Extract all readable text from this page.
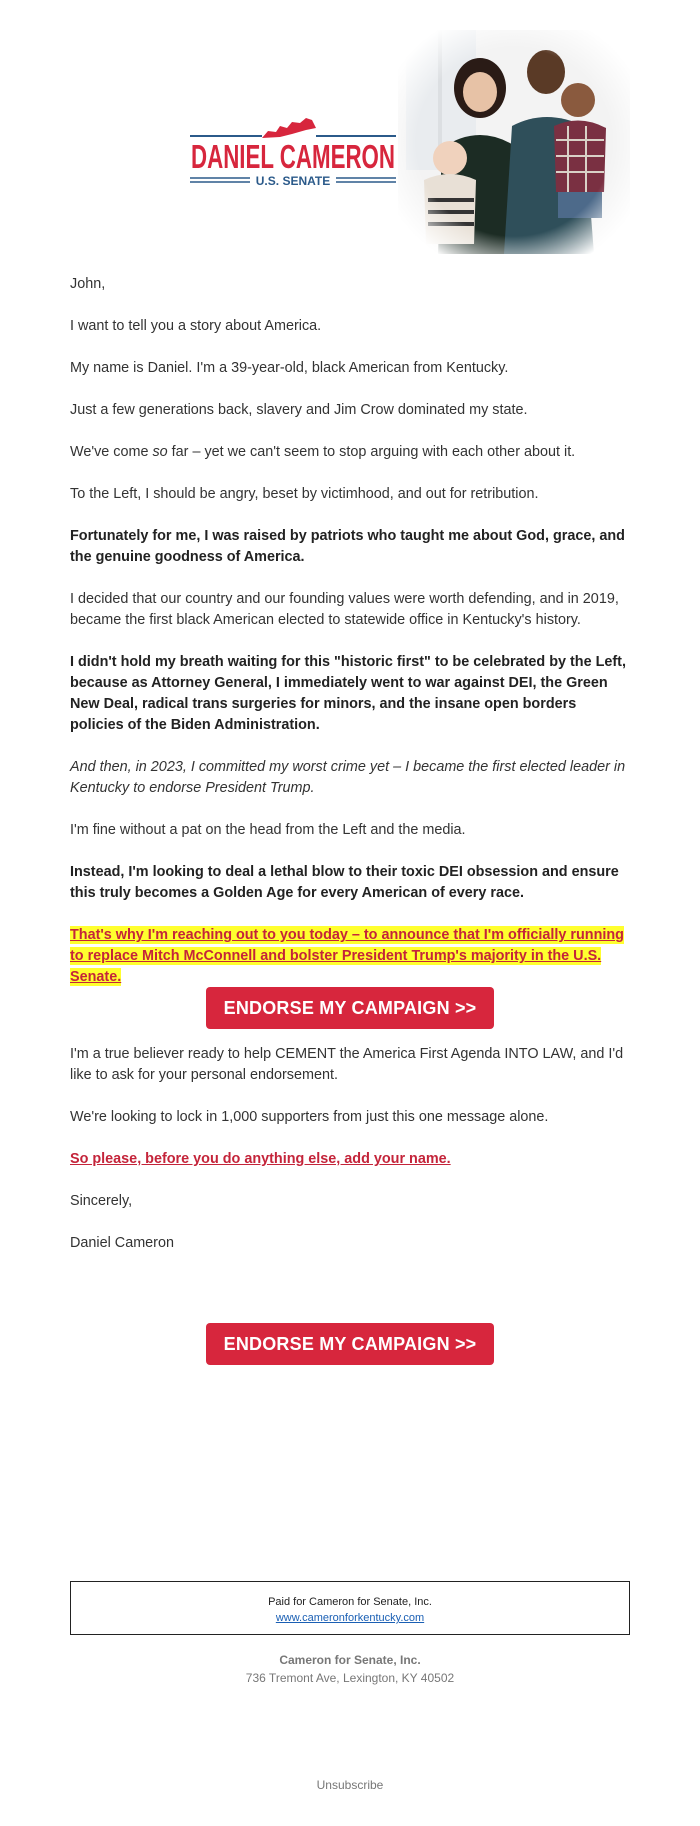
DANIEL CAMERON
U.S. SENATE

John,

I want to tell you a story about America.

My name is Daniel. I'm a 39-year-old, black American from Kentucky.

Just a few generations back, slavery and Jim Crow dominated my state.

We've come so far – yet we can't seem to stop arguing with each other about it.

To the Left, I should be angry, beset by victimhood, and out for retribution.

Fortunately for me, I was raised by patriots who taught me about God, grace, and the genuine goodness of America.

I decided that our country and our founding values were worth defending, and in 2019, became the first black American elected to statewide office in Kentucky's history.

I didn't hold my breath waiting for this "historic first" to be celebrated by the Left, because as Attorney General, I immediately went to war against DEI, the Green New Deal, radical trans surgeries for minors, and the insane open borders policies of the Biden Administration.

And then, in 2023, I committed my worst crime yet – I became the first elected leader in Kentucky to endorse President Trump.

I'm fine without a pat on the head from the Left and the media.

Instead, I'm looking to deal a lethal blow to their toxic DEI obsession and ensure this truly becomes a Golden Age for every American of every race.

That's why I'm reaching out to you today – to announce that I'm officially running to replace Mitch McConnell and bolster President Trump's majority in the U.S. Senate.

ENDORSE MY CAMPAIGN >>

I'm a true believer ready to help CEMENT the America First Agenda INTO LAW, and I'd like to ask for your personal endorsement.

We're looking to lock in 1,000 supporters from just this one message alone.

So please, before you do anything else, add your name.

Sincerely,

Daniel Cameron

ENDORSE MY CAMPAIGN >>
Paid for Cameron for Senate, Inc.
www.cameronforkentucky.com
Cameron for Senate, Inc.
736 Tremont Ave, Lexington, KY 40502
Unsubscribe
